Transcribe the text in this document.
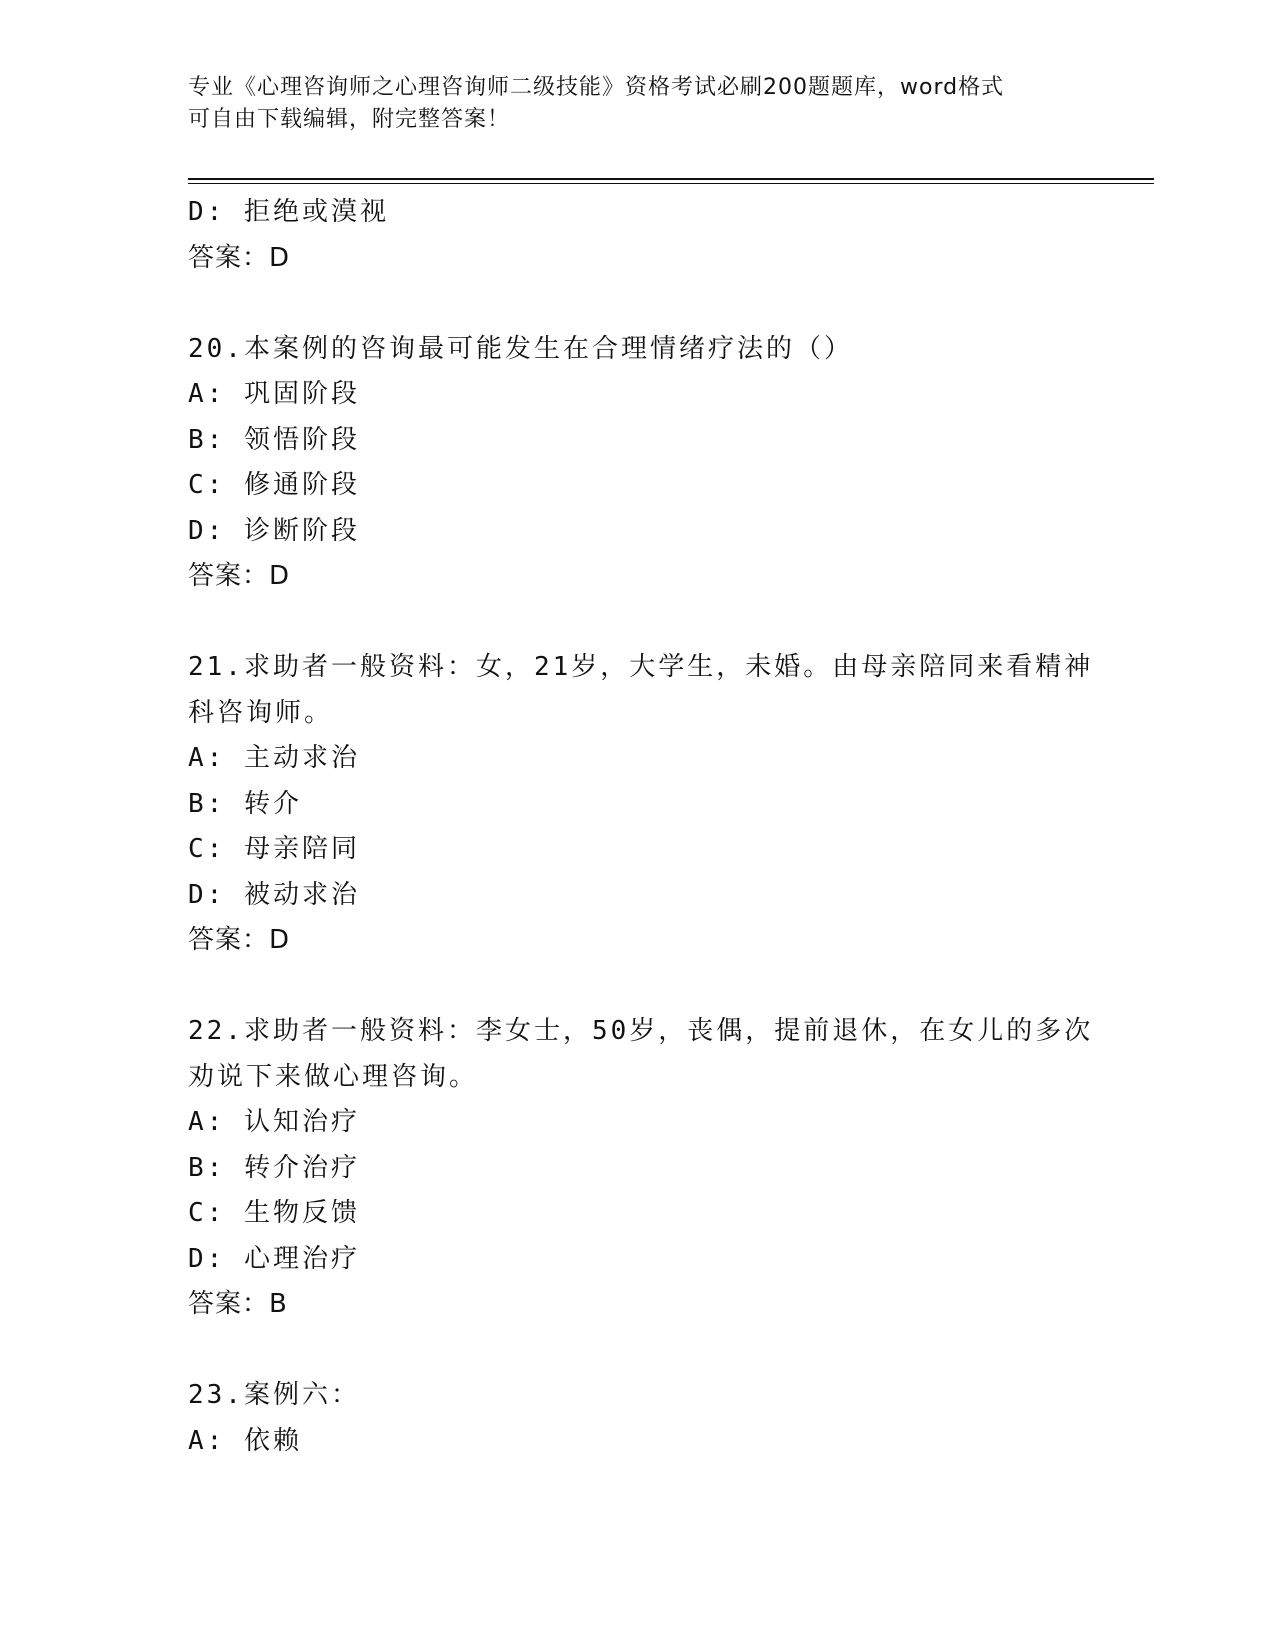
专业《心理咨询师之心理咨询师二级技能》资格考试必刷200题题库，word格式
可自由下载编辑，附完整答案！
D: 拒绝或漠视
答案：D
20.本案例的咨询最可能发生在合理情绪疗法的（）
A: 巩固阶段
B: 领悟阶段
C: 修通阶段
D: 诊断阶段
答案：D
21.求助者一般资料：女，21岁，大学生，未婚。由母亲陪同来看精神
科咨询师。
A: 主动求治
B: 转介
C: 母亲陪同
D: 被动求治
答案：D
22.求助者一般资料：李女士，50岁，丧偶，提前退休，在女儿的多次
劝说下来做心理咨询。
A: 认知治疗
B: 转介治疗
C: 生物反馈
D: 心理治疗
答案：B
23.案例六：
A: 依赖
